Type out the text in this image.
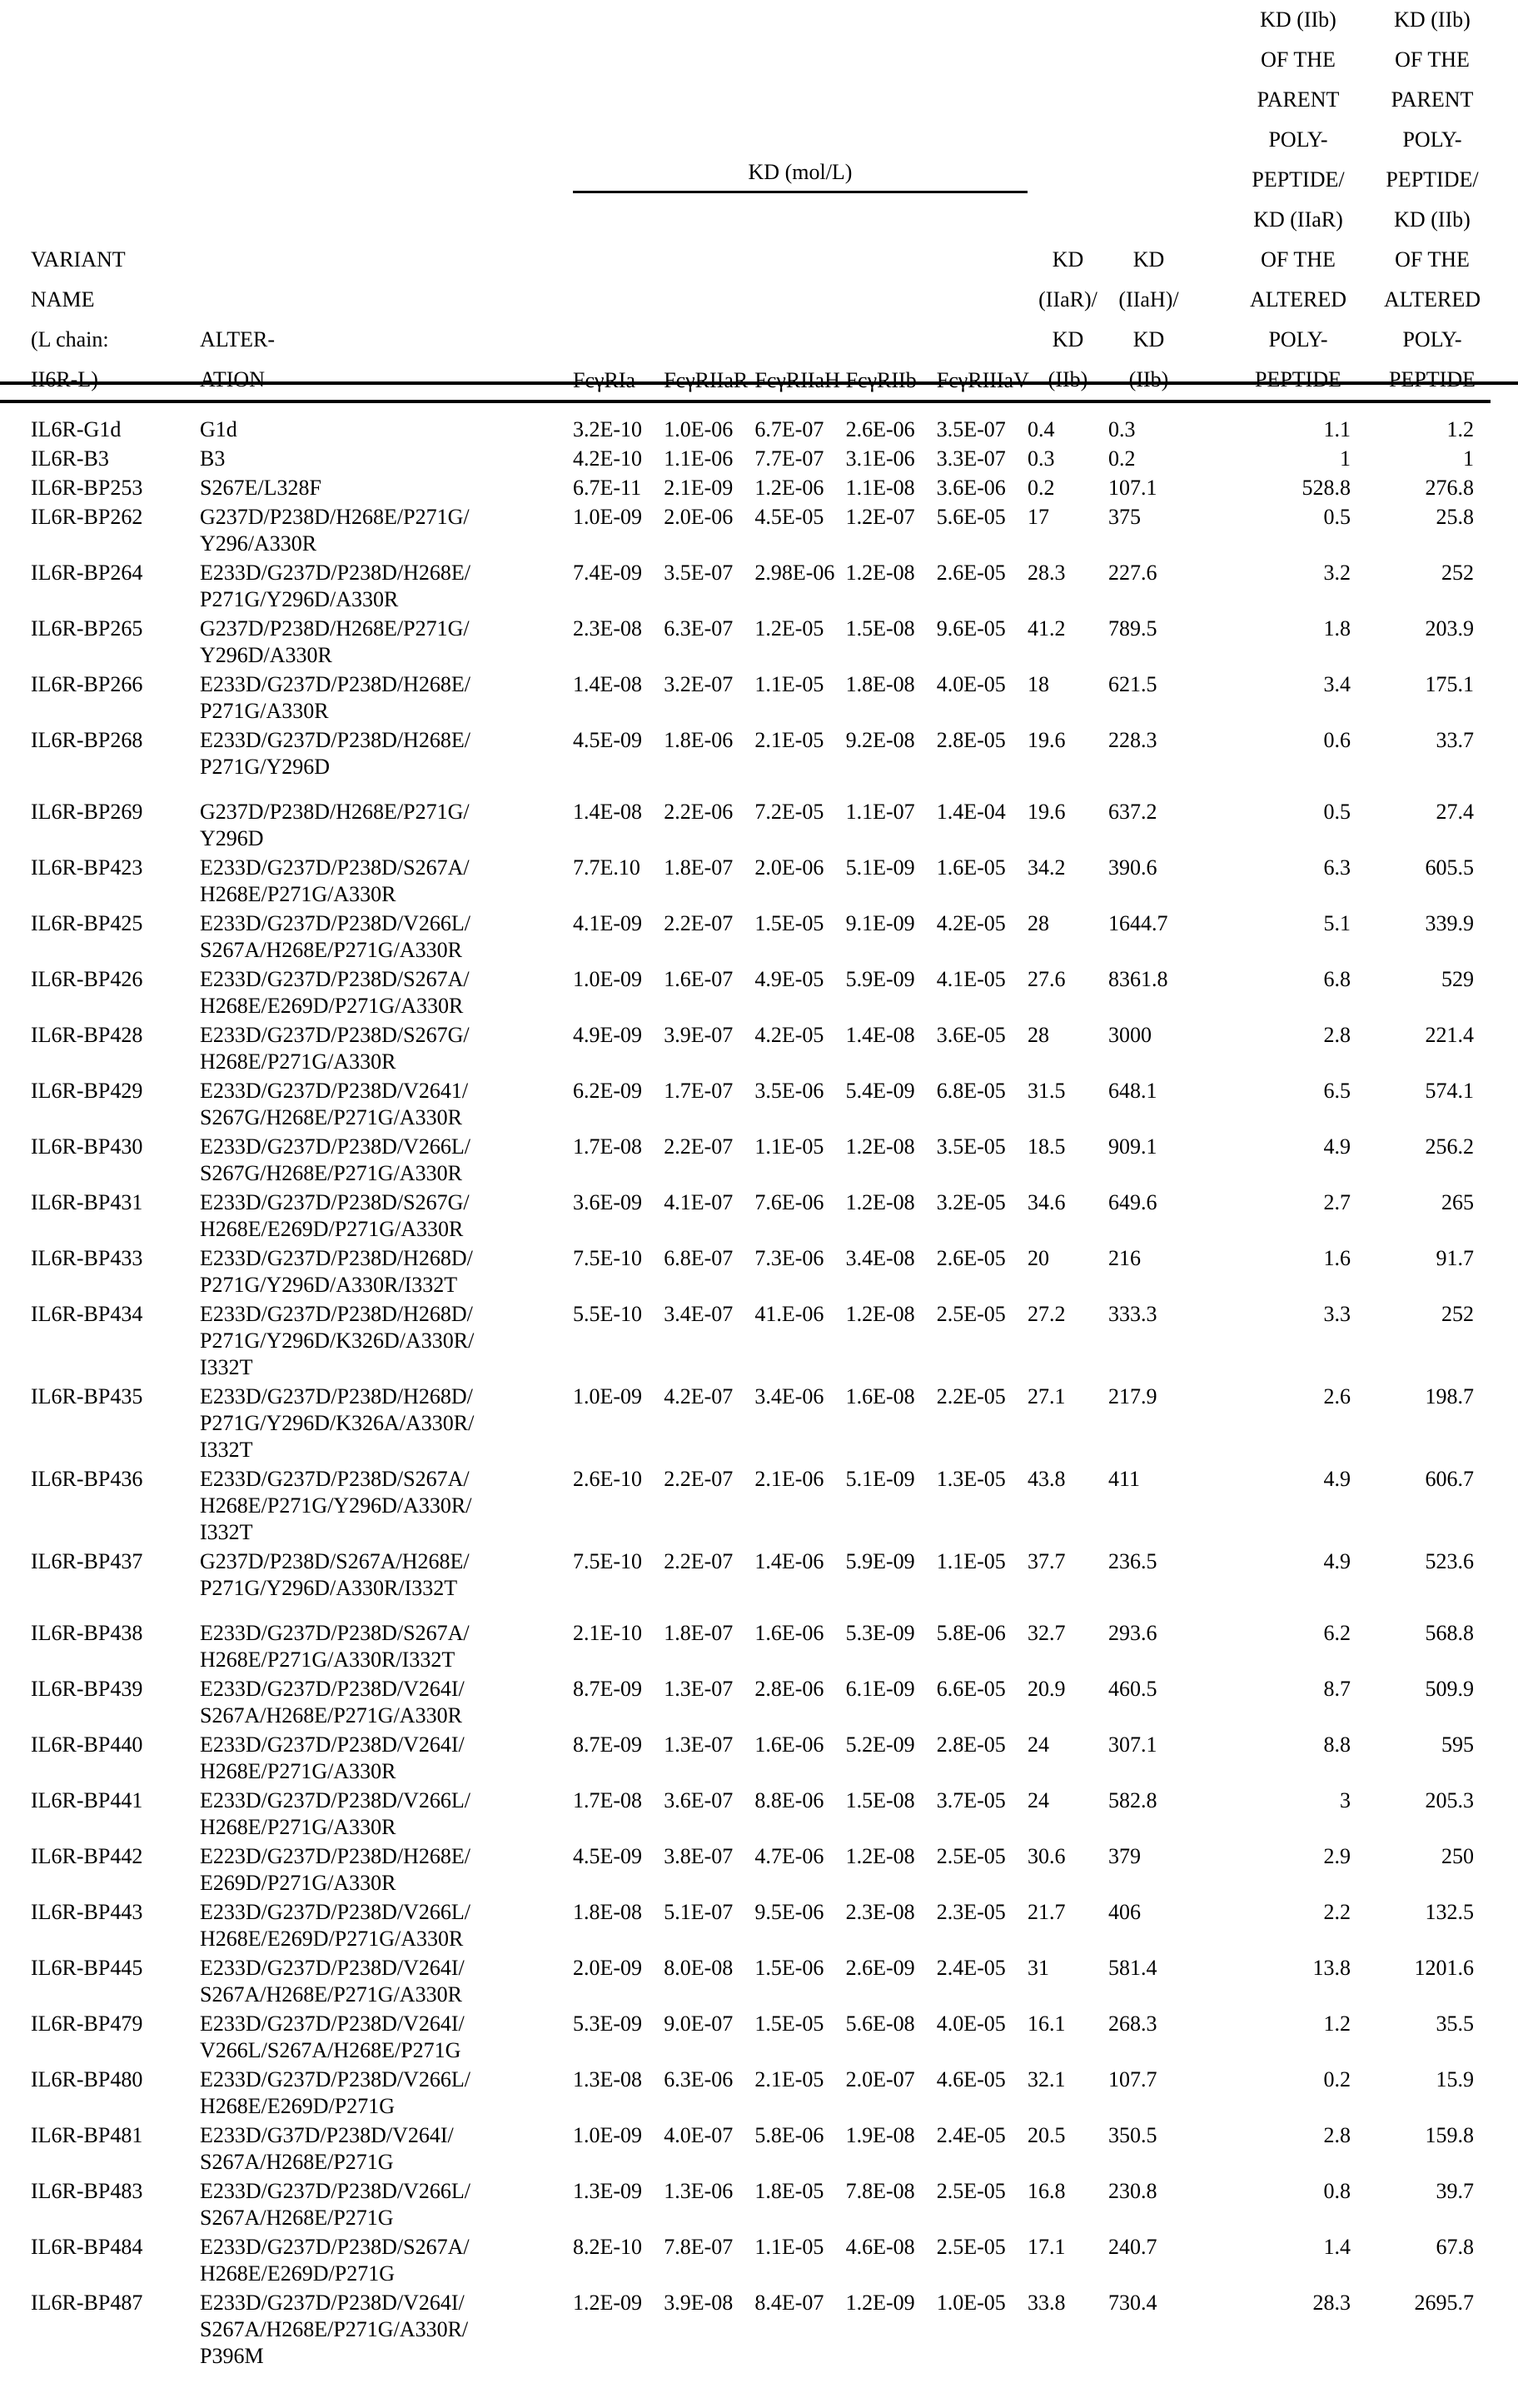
VARIANT
NAME
(L chain:
II6R-L)	ALTER-
ATION	KD (mol/L)	KD
(IIaR)/
KD
(IIb)	KD
(IIaH)/
KD
(IIb)	KD (IIb)
OF THE
PARENT
POLY-
PEPTIDE/
KD (IIaR)
OF THE
ALTERED
POLY-
PEPTIDE	KD (IIb)
OF THE
PARENT
POLY-
PEPTIDE/
KD (IIb)
OF THE
ALTERED
POLY-
PEPTIDE
FcγRIa	FcγRIIaR	FcγRIIaH	FcγRIIb	FcγRIIIaV
IL6R-G1d	G1d	3.2E-10	1.0E-06	6.7E-07	2.6E-06	3.5E-07	0.4	0.3	1.1	1.2
IL6R-B3	B3	4.2E-10	1.1E-06	7.7E-07	3.1E-06	3.3E-07	0.3	0.2	1	1
IL6R-BP253	S267E/L328F	6.7E-11	2.1E-09	1.2E-06	1.1E-08	3.6E-06	0.2	107.1	528.8	276.8
IL6R-BP262	G237D/P238D/H268E/P271G/
Y296/A330R	1.0E-09	2.0E-06	4.5E-05	1.2E-07	5.6E-05	17	375	0.5	25.8
IL6R-BP264	E233D/G237D/P238D/H268E/
P271G/Y296D/A330R	7.4E-09	3.5E-07	2.98E-06	1.2E-08	2.6E-05	28.3	227.6	3.2	252
IL6R-BP265	G237D/P238D/H268E/P271G/
Y296D/A330R	2.3E-08	6.3E-07	1.2E-05	1.5E-08	9.6E-05	41.2	789.5	1.8	203.9
IL6R-BP266	E233D/G237D/P238D/H268E/
P271G/A330R	1.4E-08	3.2E-07	1.1E-05	1.8E-08	4.0E-05	18	621.5	3.4	175.1
IL6R-BP268	E233D/G237D/P238D/H268E/
P271G/Y296D	4.5E-09	1.8E-06	2.1E-05	9.2E-08	2.8E-05	19.6	228.3	0.6	33.7
IL6R-BP269	G237D/P238D/H268E/P271G/
Y296D	1.4E-08	2.2E-06	7.2E-05	1.1E-07	1.4E-04	19.6	637.2	0.5	27.4
IL6R-BP423	E233D/G237D/P238D/S267A/
H268E/P271G/A330R	7.7E.10	1.8E-07	2.0E-06	5.1E-09	1.6E-05	34.2	390.6	6.3	605.5
IL6R-BP425	E233D/G237D/P238D/V266L/
S267A/H268E/P271G/A330R	4.1E-09	2.2E-07	1.5E-05	9.1E-09	4.2E-05	28	1644.7	5.1	339.9
IL6R-BP426	E233D/G237D/P238D/S267A/
H268E/E269D/P271G/A330R	1.0E-09	1.6E-07	4.9E-05	5.9E-09	4.1E-05	27.6	8361.8	6.8	529
IL6R-BP428	E233D/G237D/P238D/S267G/
H268E/P271G/A330R	4.9E-09	3.9E-07	4.2E-05	1.4E-08	3.6E-05	28	3000	2.8	221.4
IL6R-BP429	E233D/G237D/P238D/V2641/
S267G/H268E/P271G/A330R	6.2E-09	1.7E-07	3.5E-06	5.4E-09	6.8E-05	31.5	648.1	6.5	574.1
IL6R-BP430	E233D/G237D/P238D/V266L/
S267G/H268E/P271G/A330R	1.7E-08	2.2E-07	1.1E-05	1.2E-08	3.5E-05	18.5	909.1	4.9	256.2
IL6R-BP431	E233D/G237D/P238D/S267G/
H268E/E269D/P271G/A330R	3.6E-09	4.1E-07	7.6E-06	1.2E-08	3.2E-05	34.6	649.6	2.7	265
IL6R-BP433	E233D/G237D/P238D/H268D/
P271G/Y296D/A330R/I332T	7.5E-10	6.8E-07	7.3E-06	3.4E-08	2.6E-05	20	216	1.6	91.7
IL6R-BP434	E233D/G237D/P238D/H268D/
P271G/Y296D/K326D/A330R/
I332T	5.5E-10	3.4E-07	41.E-06	1.2E-08	2.5E-05	27.2	333.3	3.3	252
IL6R-BP435	E233D/G237D/P238D/H268D/
P271G/Y296D/K326A/A330R/
I332T	1.0E-09	4.2E-07	3.4E-06	1.6E-08	2.2E-05	27.1	217.9	2.6	198.7
IL6R-BP436	E233D/G237D/P238D/S267A/
H268E/P271G/Y296D/A330R/
I332T	2.6E-10	2.2E-07	2.1E-06	5.1E-09	1.3E-05	43.8	411	4.9	606.7
IL6R-BP437	G237D/P238D/S267A/H268E/
P271G/Y296D/A330R/I332T	7.5E-10	2.2E-07	1.4E-06	5.9E-09	1.1E-05	37.7	236.5	4.9	523.6
IL6R-BP438	E233D/G237D/P238D/S267A/
H268E/P271G/A330R/I332T	2.1E-10	1.8E-07	1.6E-06	5.3E-09	5.8E-06	32.7	293.6	6.2	568.8
IL6R-BP439	E233D/G237D/P238D/V264I/
S267A/H268E/P271G/A330R	8.7E-09	1.3E-07	2.8E-06	6.1E-09	6.6E-05	20.9	460.5	8.7	509.9
IL6R-BP440	E233D/G237D/P238D/V264I/
H268E/P271G/A330R	8.7E-09	1.3E-07	1.6E-06	5.2E-09	2.8E-05	24	307.1	8.8	595
IL6R-BP441	E233D/G237D/P238D/V266L/
H268E/P271G/A330R	1.7E-08	3.6E-07	8.8E-06	1.5E-08	3.7E-05	24	582.8	3	205.3
IL6R-BP442	E223D/G237D/P238D/H268E/
E269D/P271G/A330R	4.5E-09	3.8E-07	4.7E-06	1.2E-08	2.5E-05	30.6	379	2.9	250
IL6R-BP443	E233D/G237D/P238D/V266L/
H268E/E269D/P271G/A330R	1.8E-08	5.1E-07	9.5E-06	2.3E-08	2.3E-05	21.7	406	2.2	132.5
IL6R-BP445	E233D/G237D/P238D/V264I/
S267A/H268E/P271G/A330R	2.0E-09	8.0E-08	1.5E-06	2.6E-09	2.4E-05	31	581.4	13.8	1201.6
IL6R-BP479	E233D/G237D/P238D/V264I/
V266L/S267A/H268E/P271G	5.3E-09	9.0E-07	1.5E-05	5.6E-08	4.0E-05	16.1	268.3	1.2	35.5
IL6R-BP480	E233D/G237D/P238D/V266L/
H268E/E269D/P271G	1.3E-08	6.3E-06	2.1E-05	2.0E-07	4.6E-05	32.1	107.7	0.2	15.9
IL6R-BP481	E233D/G37D/P238D/V264I/
S267A/H268E/P271G	1.0E-09	4.0E-07	5.8E-06	1.9E-08	2.4E-05	20.5	350.5	2.8	159.8
IL6R-BP483	E233D/G237D/P238D/V266L/
S267A/H268E/P271G	1.3E-09	1.3E-06	1.8E-05	7.8E-08	2.5E-05	16.8	230.8	0.8	39.7
IL6R-BP484	E233D/G237D/P238D/S267A/
H268E/E269D/P271G	8.2E-10	7.8E-07	1.1E-05	4.6E-08	2.5E-05	17.1	240.7	1.4	67.8
IL6R-BP487	E233D/G237D/P238D/V264I/
S267A/H268E/P271G/A330R/
P396M	1.2E-09	3.9E-08	8.4E-07	1.2E-09	1.0E-05	33.8	730.4	28.3	2695.7
